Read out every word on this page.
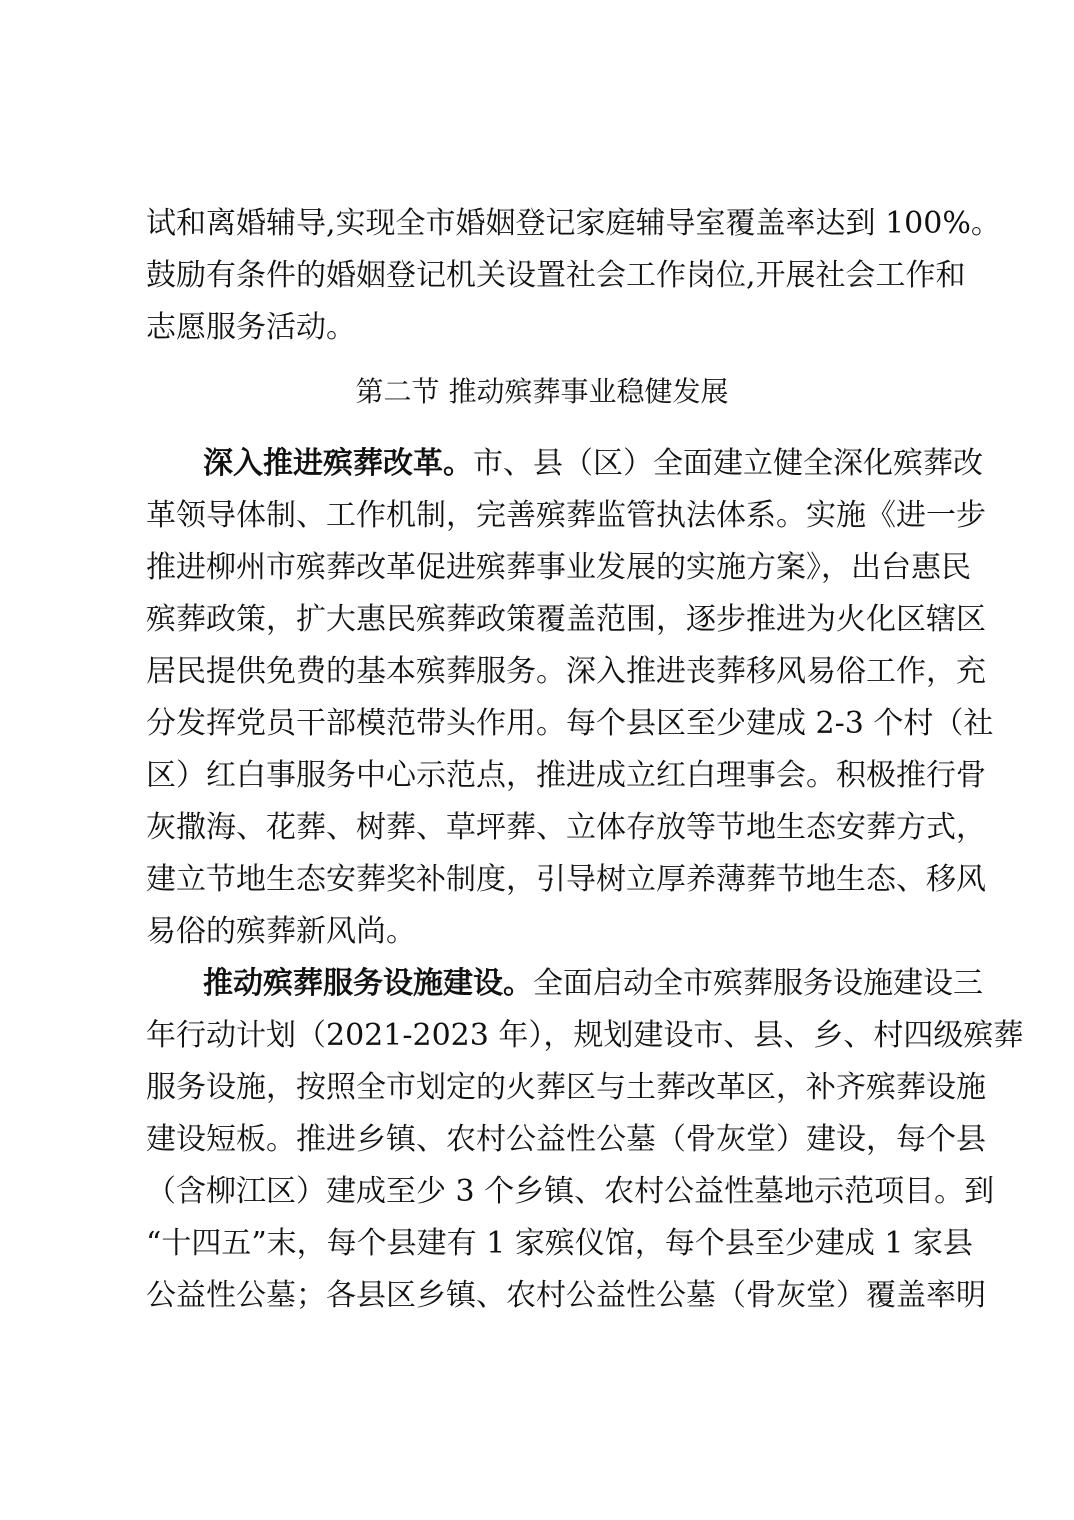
试和离婚辅导,实现全市婚姻登记家庭辅导室覆盖率达到 100%。
鼓励有条件的婚姻登记机关设置社会工作岗位,开展社会工作和
志愿服务活动。
第二节 推动殡葬事业稳健发展
深入推进殡葬改革。市、县（区）全面建立健全深化殡葬改
革领导体制、工作机制，完善殡葬监管执法体系。实施《进一步
推进柳州市殡葬改革促进殡葬事业发展的实施方案》，出台惠民
殡葬政策，扩大惠民殡葬政策覆盖范围，逐步推进为火化区辖区
居民提供免费的基本殡葬服务。深入推进丧葬移风易俗工作，充
分发挥党员干部模范带头作用。每个县区至少建成 2-3 个村（社
区）红白事服务中心示范点，推进成立红白理事会。积极推行骨
灰撒海、花葬、树葬、草坪葬、立体存放等节地生态安葬方式，
建立节地生态安葬奖补制度，引导树立厚养薄葬节地生态、移风
易俗的殡葬新风尚。
推动殡葬服务设施建设。全面启动全市殡葬服务设施建设三
年行动计划（2021-2023 年），规划建设市、县、乡、村四级殡葬
服务设施，按照全市划定的火葬区与土葬改革区，补齐殡葬设施
建设短板。推进乡镇、农村公益性公墓（骨灰堂）建设，每个县
（含柳江区）建成至少 3 个乡镇、农村公益性墓地示范项目。到
“十四五”末，每个县建有 1 家殡仪馆，每个县至少建成 1 家县
公益性公墓；各县区乡镇、农村公益性公墓（骨灰堂）覆盖率明
